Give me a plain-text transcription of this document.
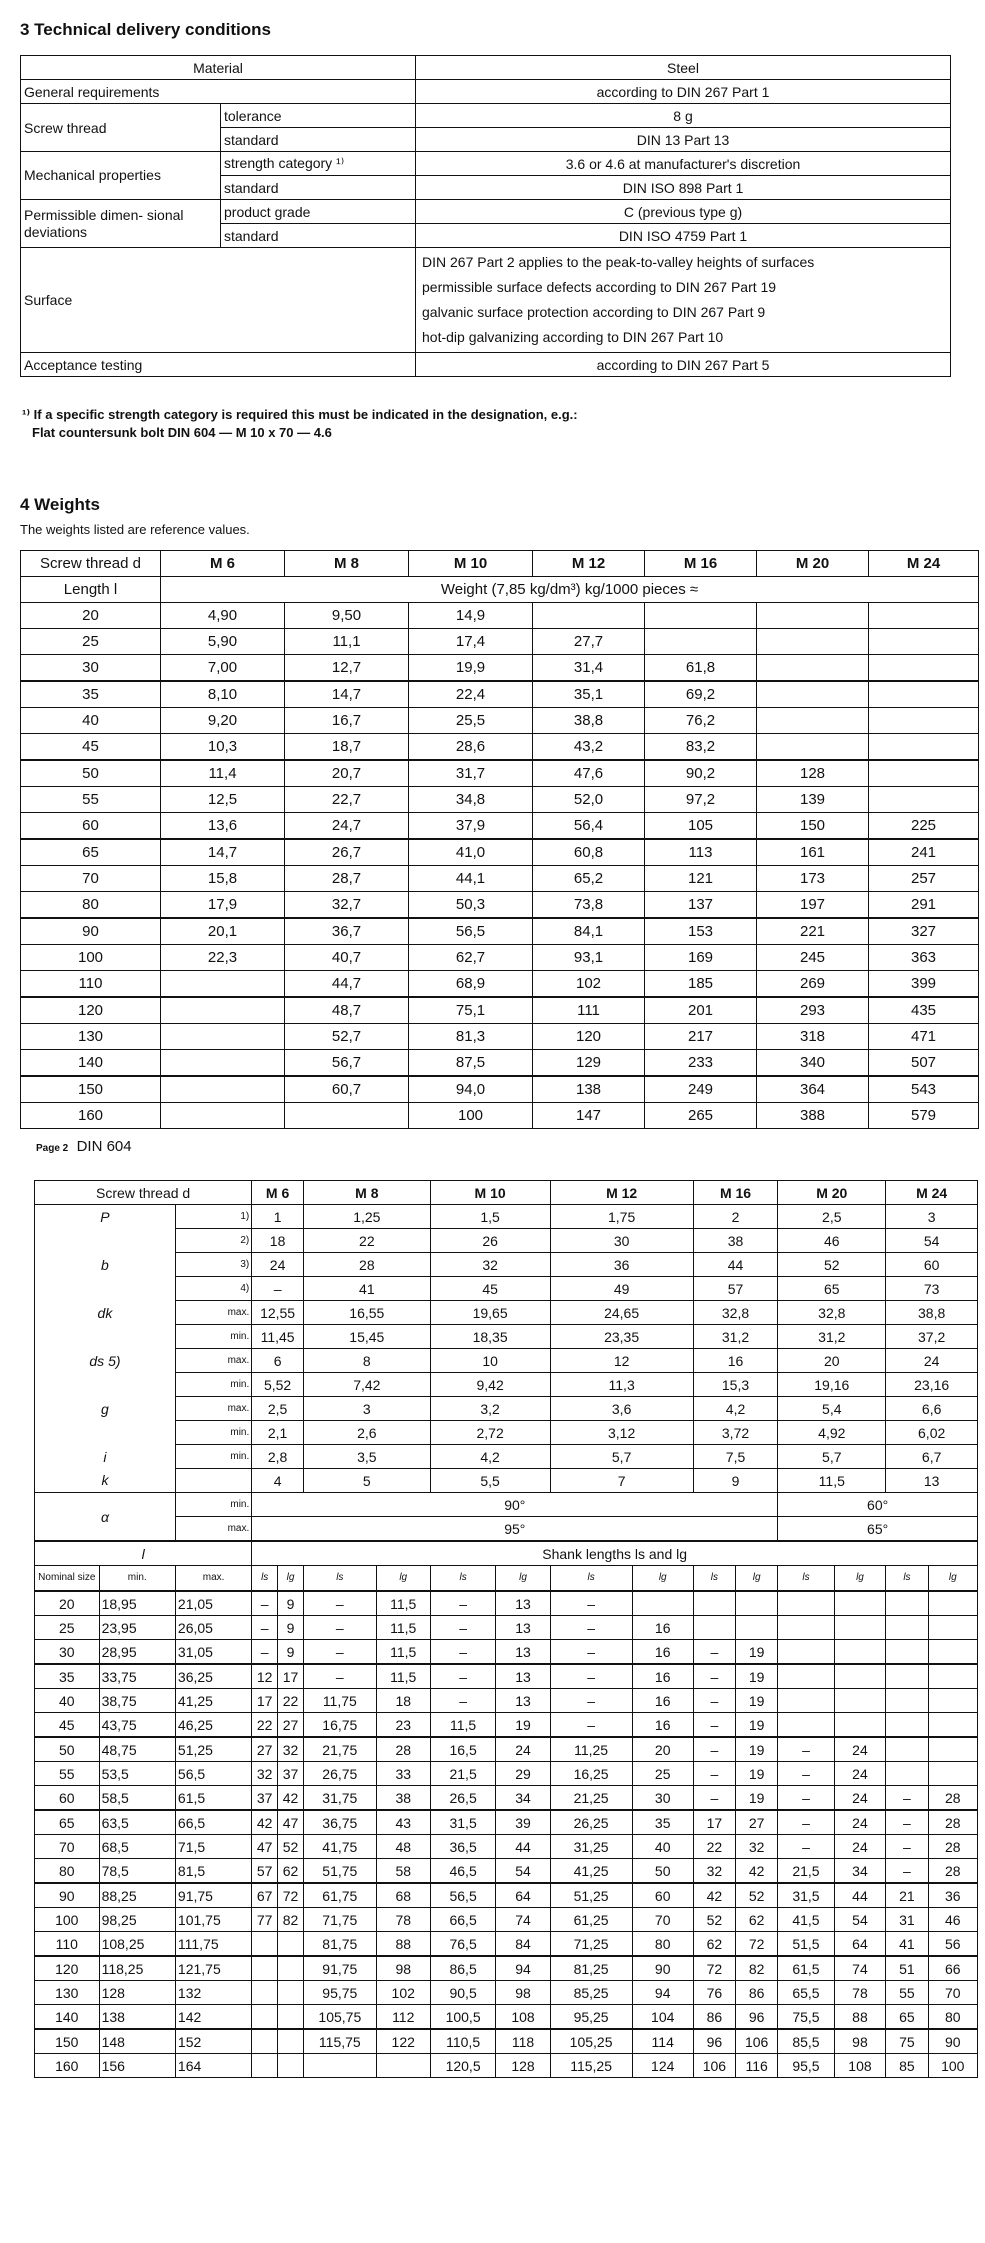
3 Technical delivery conditions
Material		Steel
General requirements		according to DIN 267 Part 1
Screw thread	tolerance	8 g
	standard	DIN 13 Part 13
Mechanical properties	strength category ¹⁾	3.6 or 4.6 at manufacturer's discretion
	standard	DIN ISO 898 Part 1
Permissible dimen- sional deviations	product grade	C (previous type g)
	standard	DIN ISO 4759 Part 1
Surface		DIN 267 Part 2 applies to the peak-to-valley heights of surfaces
permissible surface defects according to DIN 267 Part 19
galvanic surface protection according to DIN 267 Part 9
hot-dip galvanizing according to DIN 267 Part 10

Acceptance testing		according to DIN 267 Part 5
¹⁾ If a specific strength category is required this must be indicated in the designation, e.g.:
Flat countersunk bolt DIN 604 — M 10 x 70 — 4.6
4 Weights
The weights listed are reference values.
Screw thread d	M 6	M 8	M 10	M 12	M 16	M 20	M 24
Length l	Weight (7,85 kg/dm³) kg/1000 pieces ≈						
20	4,90	9,50	14,9				
25	5,90	11,1	17,4	27,7			
30	7,00	12,7	19,9	31,4	61,8		
35	8,10	14,7	22,4	35,1	69,2		
40	9,20	16,7	25,5	38,8	76,2		
45	10,3	18,7	28,6	43,2	83,2		
50	11,4	20,7	31,7	47,6	90,2	128	
55	12,5	22,7	34,8	52,0	97,2	139	
60	13,6	24,7	37,9	56,4	105	150	225
65	14,7	26,7	41,0	60,8	113	161	241
70	15,8	28,7	44,1	65,2	121	173	257
80	17,9	32,7	50,3	73,8	137	197	291
90	20,1	36,7	56,5	84,1	153	221	327
100	22,3	40,7	62,7	93,1	169	245	363
110		44,7	68,9	102	185	269	399
120		48,7	75,1	111	201	293	435
130		52,7	81,3	120	217	318	471
140		56,7	87,5	129	233	340	507
150		60,7	94,0	138	249	364	543
160			100	147	265	388	579
Page 2 DIN 604
Screw thread d			M 6		M 8		M 10		M 12		M 16		M 20		M 24	
P		1)	1		1,25		1,5		1,75		2		2,5		3	
		2)	18		22		26		30		38		46		54	
b		3)	24		28		32		36		44		52		60	
		4)	–		41		45		49		57		65		73	
dk		max.	12,55		16,55		19,65		24,65		32,8		32,8		38,8	
		min.	11,45		15,45		18,35		23,35		31,2		31,2		37,2	
ds 5)		max.	6		8		10		12		16		20		24	
		min.	5,52		7,42		9,42		11,3		15,3		19,16		23,16	
g		max.	2,5		3		3,2		3,6		4,2		5,4		6,6	
		min.	2,1		2,6		2,72		3,12		3,72		4,92		6,02	
i		min.	2,8		3,5		4,2		5,7		7,5		5,7		6,7	
k			4		5		5,5		7		9		11,5		13	
α		min.	90°										60°			
		max.	95°										65°			
l			Shank lengths ls and lg													
Nominal size	min.	max.	ls	lg	ls	lg	ls	lg	ls	lg	ls	lg	ls	lg	ls	lg
20	18,95	21,05	–	9	–	11,5	–	13	–							
25	23,95	26,05	–	9	–	11,5	–	13	–	16						
30	28,95	31,05	–	9	–	11,5	–	13	–	16	–	19				
35	33,75	36,25	12	17	–	11,5	–	13	–	16	–	19				
40	38,75	41,25	17	22	11,75	18	–	13	–	16	–	19				
45	43,75	46,25	22	27	16,75	23	11,5	19	–	16	–	19				
50	48,75	51,25	27	32	21,75	28	16,5	24	11,25	20	–	19	–	24		
55	53,5	56,5	32	37	26,75	33	21,5	29	16,25	25	–	19	–	24		
60	58,5	61,5	37	42	31,75	38	26,5	34	21,25	30	–	19	–	24	–	28
65	63,5	66,5	42	47	36,75	43	31,5	39	26,25	35	17	27	–	24	–	28
70	68,5	71,5	47	52	41,75	48	36,5	44	31,25	40	22	32	–	24	–	28
80	78,5	81,5	57	62	51,75	58	46,5	54	41,25	50	32	42	21,5	34	–	28
90	88,25	91,75	67	72	61,75	68	56,5	64	51,25	60	42	52	31,5	44	21	36
100	98,25	101,75	77	82	71,75	78	66,5	74	61,25	70	52	62	41,5	54	31	46
110	108,25	111,75			81,75	88	76,5	84	71,25	80	62	72	51,5	64	41	56
120	118,25	121,75			91,75	98	86,5	94	81,25	90	72	82	61,5	74	51	66
130	128	132			95,75	102	90,5	98	85,25	94	76	86	65,5	78	55	70
140	138	142			105,75	112	100,5	108	95,25	104	86	96	75,5	88	65	80
150	148	152			115,75	122	110,5	118	105,25	114	96	106	85,5	98	75	90
160	156	164					120,5	128	115,25	124	106	116	95,5	108	85	100
